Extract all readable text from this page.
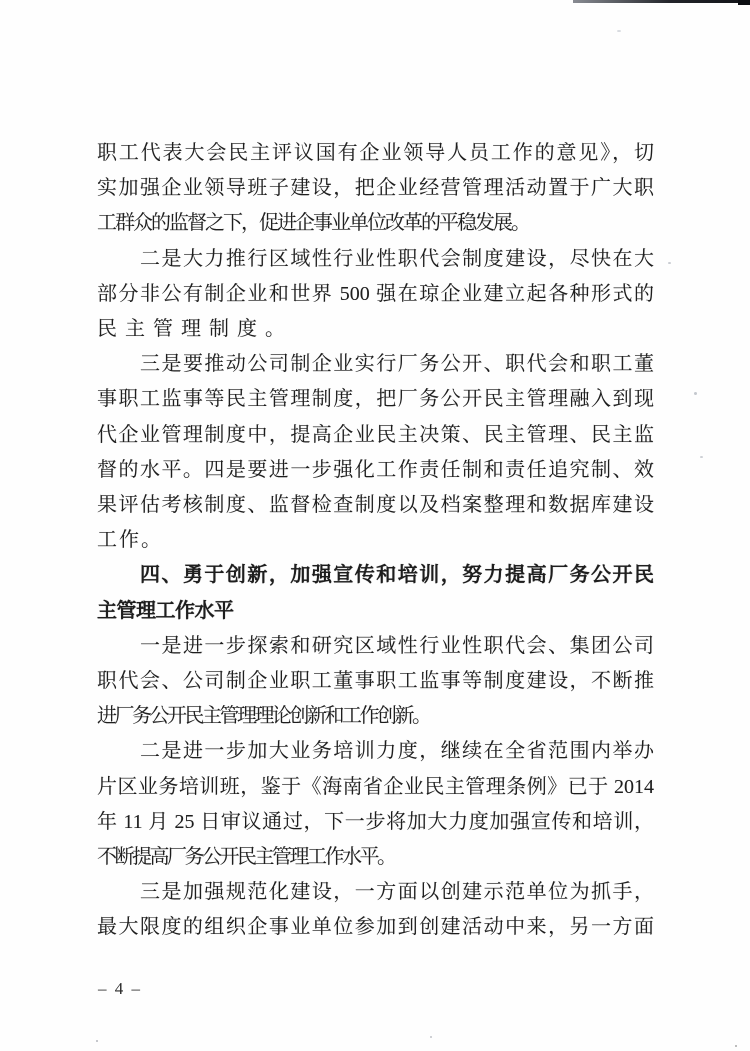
职工代表大会民主评议国有企业领导人员工作的意见》，切
实加强企业领导班子建设，把企业经营管理活动置于广大职
工群众的监督之下，促进企事业单位改革的平稳发展。
二是大力推行区域性行业性职代会制度建设，尽快在大
部分非公有制企业和世界 500 强在琼企业建立起各种形式的
民主管理制度。
三是要推动公司制企业实行厂务公开、职代会和职工董
事职工监事等民主管理制度，把厂务公开民主管理融入到现
代企业管理制度中，提高企业民主决策、民主管理、民主监
督的水平。四是要进一步强化工作责任制和责任追究制、效
果评估考核制度、监督检查制度以及档案整理和数据库建设
工作。
四、勇于创新，加强宣传和培训，努力提高厂务公开民
主管理工作水平
一是进一步探索和研究区域性行业性职代会、集团公司
职代会、公司制企业职工董事职工监事等制度建设，不断推
进厂务公开民主管理理论创新和工作创新。
二是进一步加大业务培训力度，继续在全省范围内举办
片区业务培训班，鉴于《海南省企业民主管理条例》已于 2014
年 11 月 25 日审议通过，下一步将加大力度加强宣传和培训，
不断提高厂务公开民主管理工作水平。
三是加强规范化建设，一方面以创建示范单位为抓手，
最大限度的组织企事业单位参加到创建活动中来，另一方面
– 4 –
